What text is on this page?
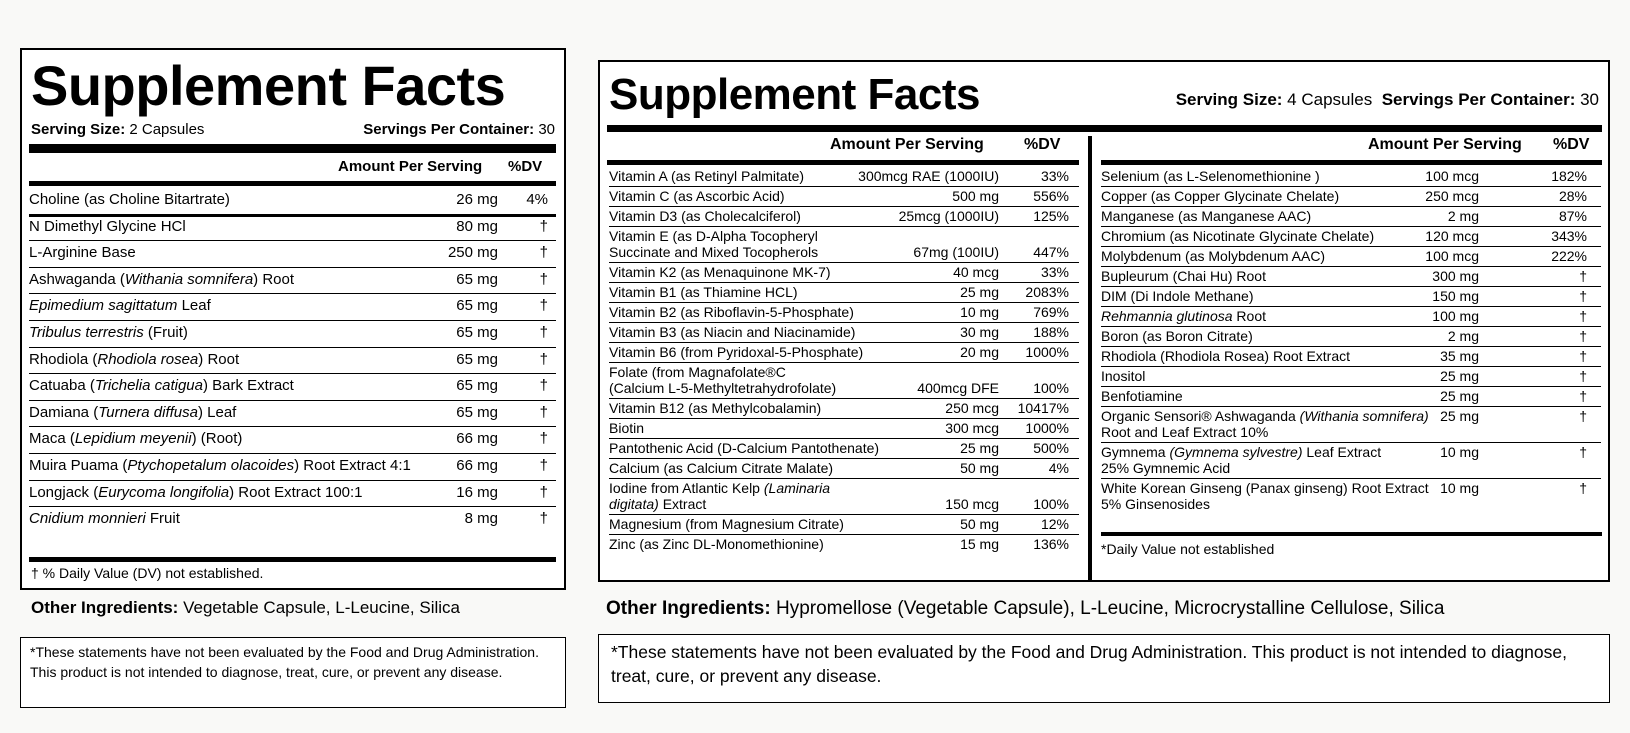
Supplement Facts
Serving Size: 2 Capsules	Servings Per Container: 30
Amount Per Serving %DV
Choline (as Choline Bitartrate)	26 mg 4%
N Dimethyl Glycine HCl	80 mg	†
L-Arginine Base	250 mg	†
Ashwaganda (Withania somnifera) Root	65 mg	†
Epimedium sagittatum Leaf	65 mg	†
Tribulus terrestris (Fruit)	65 mg	†
Rhodiola (Rhodiola rosea) Root	65 mg	†
Catuaba (Trichelia catigua) Bark Extract	65 mg	†
Damiana (Turnera diffusa) Leaf	65 mg	†
Maca (Lepidium meyenii) (Root)	66 mg	†
Muira Puama (Ptychopetalum olacoides) Root Extract 4:1	66 mg	†
Longjack (Eurycoma longifolia) Root Extract 100:1	16 mg	†
Cnidium monnieri Fruit	8 mg	†
† % Daily Value (DV) not established.
Other Ingredients: Vegetable Capsule, L-Leucine, Silica
*These statements have not been evaluated by the Food and Drug Administration. This product is not intended to diagnose, treat, cure, or prevent any disease.
Supplement Facts	Serving Size: 4 Capsules Servings Per Container: 30
Amount Per Serving	%DV
Vitamin A (as Retinyl Palmitate)	300mcg RAE (1000IU)	33%
Vitamin C (as Ascorbic Acid)	500 mg 556%
Vitamin D3 (as Cholecalciferol)	25mcg (1000IU) 125%
Vitamin E (as D-Alpha Tocopheryl
Succinate and Mixed Tocopherols	67mg (100IU) 447%
Vitamin K2 (as Menaquinone MK-7)	40 mcg	33%
Vitamin B1 (as Thiamine HCL)	25 mg 2083%
Vitamin B2 (as Riboflavin-5-Phosphate)	10 mg 769%
Vitamin B3 (as Niacin and Niacinamide)	30 mg 188%
Vitamin B6 (from Pyridoxal-5-Phosphate)	20 mg 1000%
Folate (from Magnafolate®C
(Calcium L-5-Methyltetrahydrofolate)	400mcg DFE 100%
Vitamin B12 (as Methylcobalamin)	250 mcg 10417%
Biotin	300 mcg 1000%
Pantothenic Acid (D-Calcium Pantothenate)	25 mg 500%
Calcium (as Calcium Citrate Malate)	50 mg	4%
Iodine from Atlantic Kelp (Laminaria
digitata) Extract	150 mcg 100%
Magnesium (from Magnesium Citrate)	50 mg	12%
Zinc (as Zinc DL-Monomethionine)	15 mg 136%
Amount Per Serving %DV
Selenium (as L-Selenomethionine )	100 mcg	182%
Copper (as Copper Glycinate Chelate)	250 mcg	28%
Manganese (as Manganese AAC)	2 mg	87%
Chromium (as Nicotinate Glycinate Chelate)	120 mcg	343%
Molybdenum (as Molybdenum AAC)	100 mcg	222%
Bupleurum (Chai Hu) Root	300 mg	†
DIM (Di Indole Methane)	150 mg	†
Rehmannia glutinosa Root	100 mg	†
Boron (as Boron Citrate)	2 mg	†
Rhodiola (Rhodiola Rosea) Root Extract	35 mg	†
Inositol	25 mg	†
Benfotiamine	25 mg	†
Organic Sensori® Ashwaganda (Withania somnifera)
Root and Leaf Extract 10%
25 mg	†
Gymnema (Gymnema sylvestre) Leaf Extract
25% Gymnemic Acid
10 mg	†
White Korean Ginseng (Panax ginseng) Root Extract
5% Ginsenosides
10 mg	†
*Daily Value not established
Other Ingredients: Hypromellose (Vegetable Capsule), L-Leucine, Microcrystalline Cellulose, Silica
*These statements have not been evaluated by the Food and Drug Administration. This product is not intended to diagnose, treat, cure, or prevent any disease.
